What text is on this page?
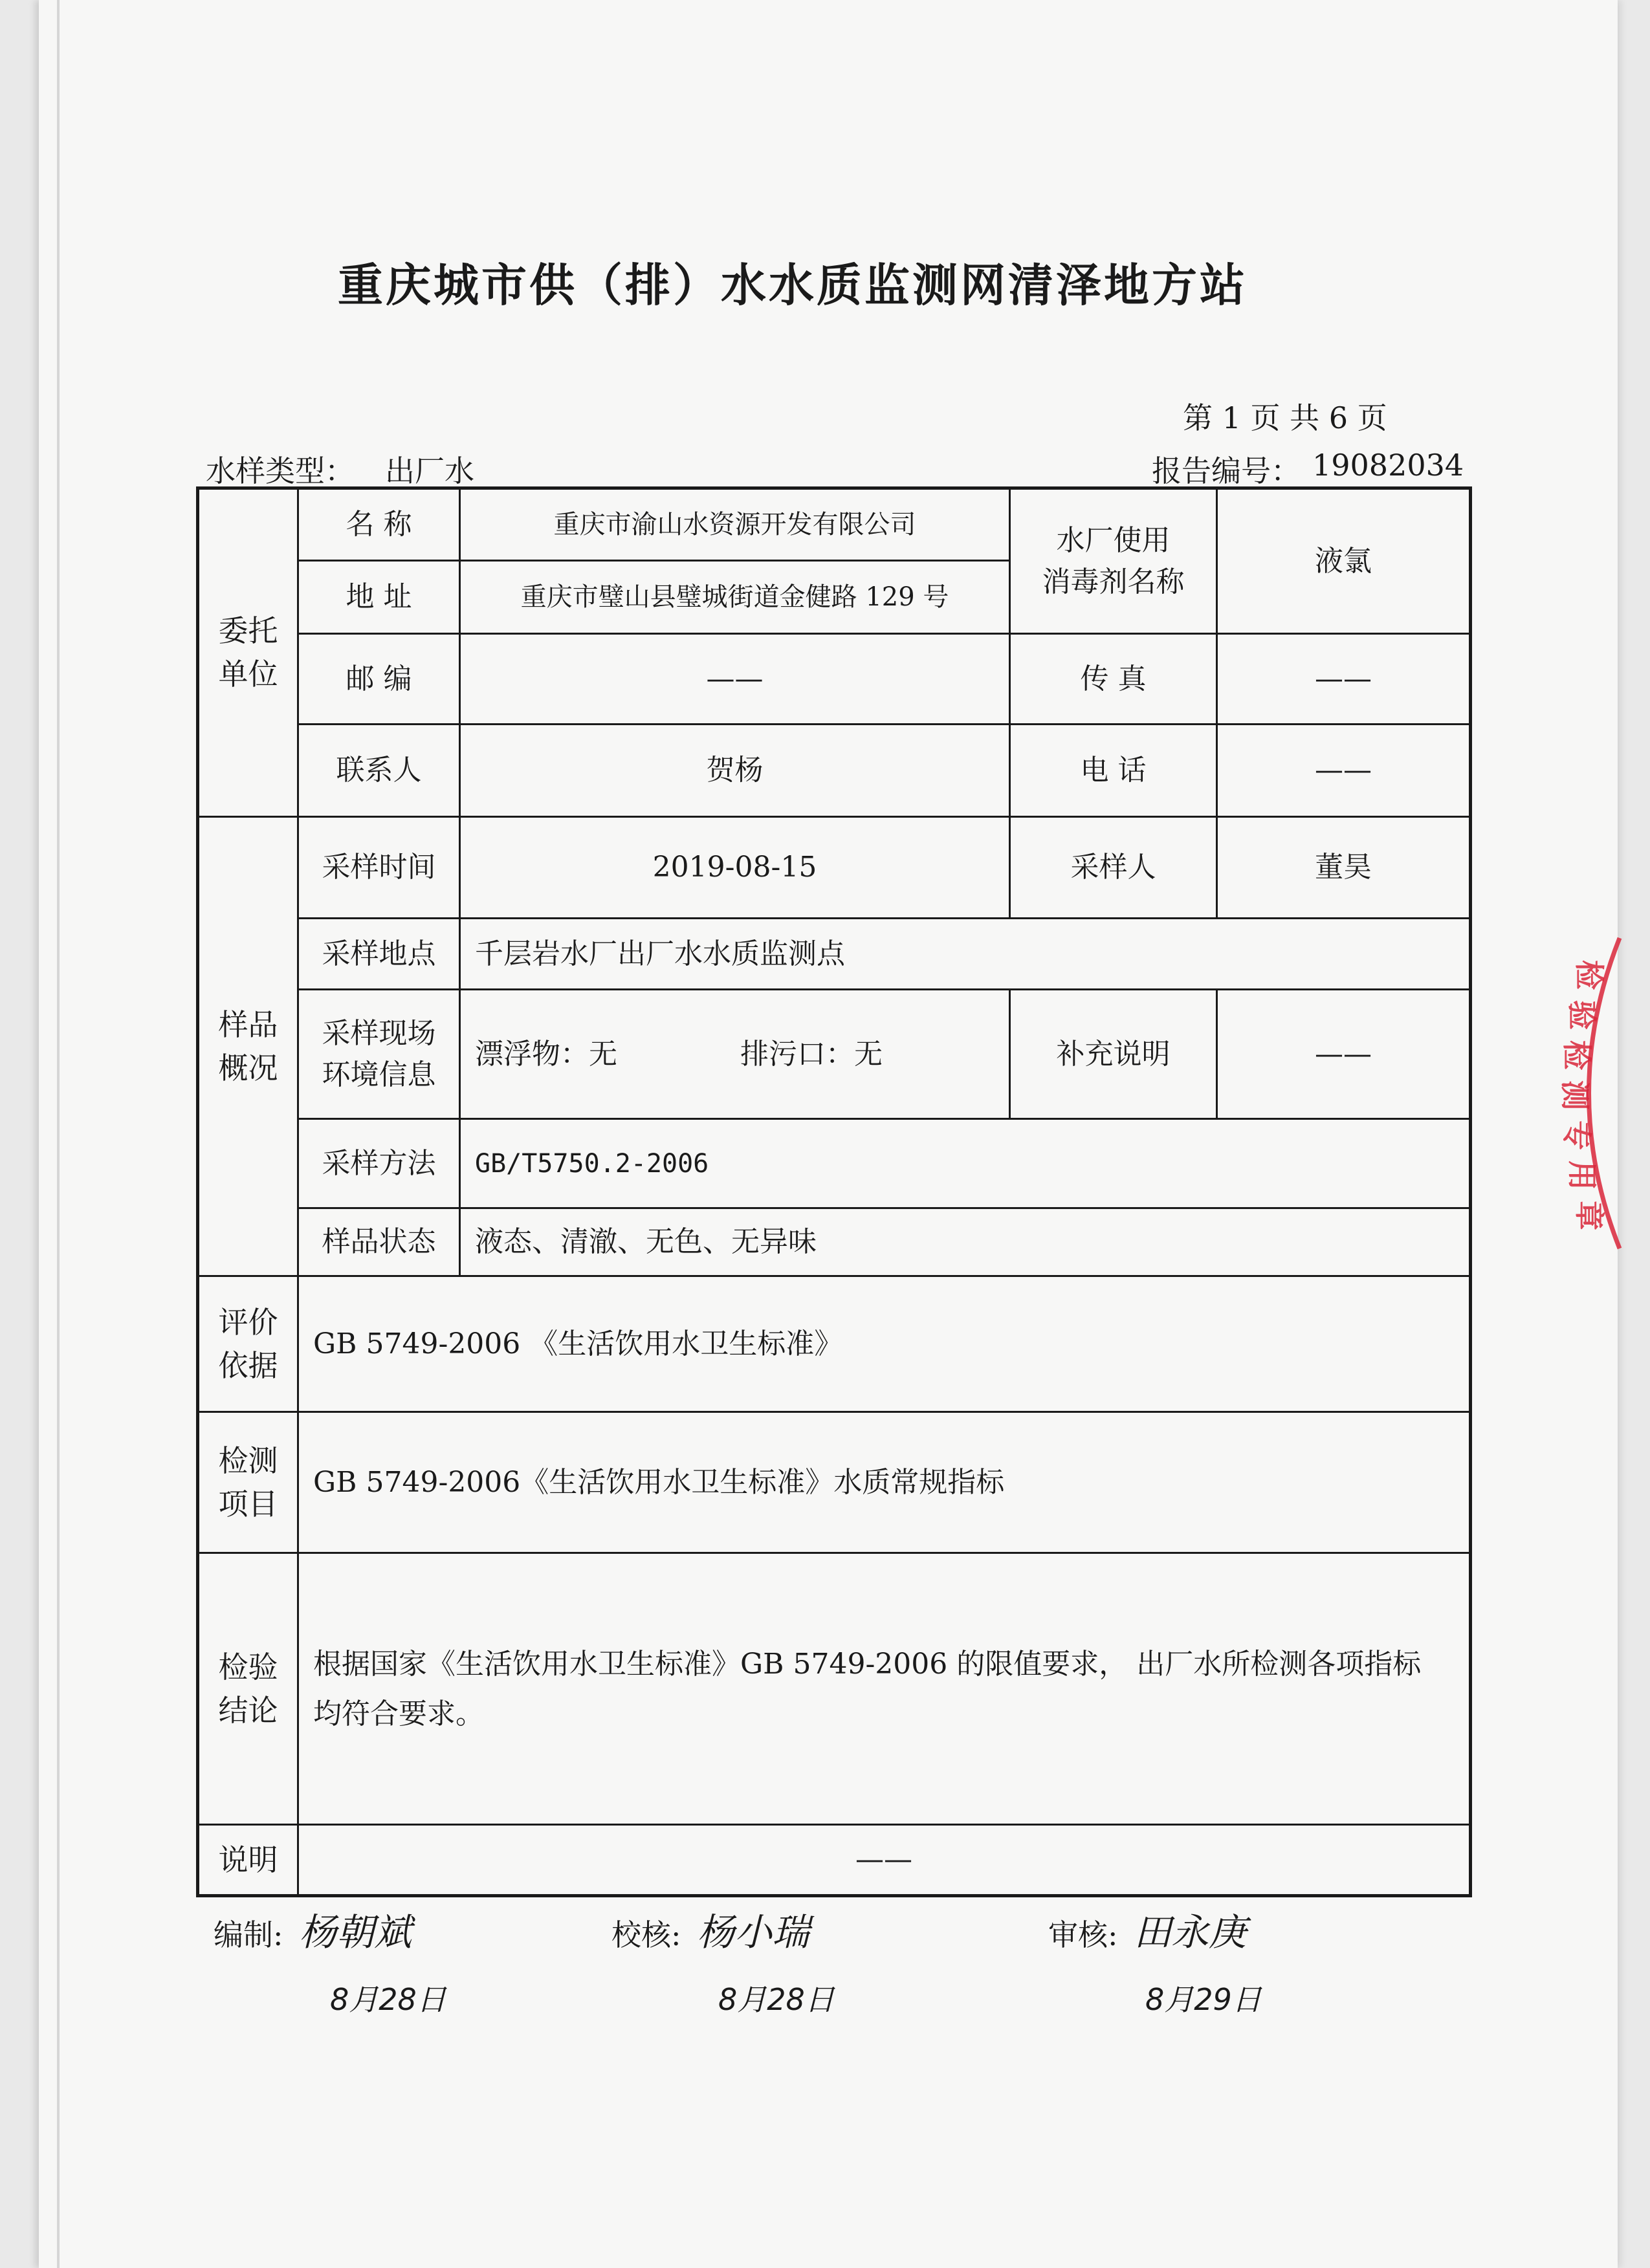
重庆城市供（排）水水质监测网清泽地方站
第 1 页 共 6 页
水样类型： 出厂水	报告编号： 19082034
委托
单位	名 称	重庆市渝山水资源开发有限公司	水厂使用
消毒剂名称	液氯
	地 址	重庆市璧山县璧城街道金健路 129 号		
	邮 编	——	传 真	——
	联系人	贺杨	电 话	——
样品
概况	采样时间	2019-08-15	采样人	董昊
	采样地点	千层岩水厂出厂水水质监测点		
	采样现场
环境信息	漂浮物：无 排污口：无	补充说明	——
	采样方法	GB/T5750.2-2006		
	样品状态	液态、清澈、无色、无异味		
评价
依据	GB 5749-2006 《生活饮用水卫生标准》			
检测
项目	GB 5749-2006《生活饮用水卫生标准》水质常规指标			
检验
结论	根据国家《生活饮用水卫生标准》GB 5749-2006 的限值要求， 出厂水所检测各项指标均符合要求。			
说明	——			
编制: 杨朝斌
8月28日
校核: 杨小瑞
8月28日
审核: 田永庚
8月29日
检
验
检
测
专
用
章
